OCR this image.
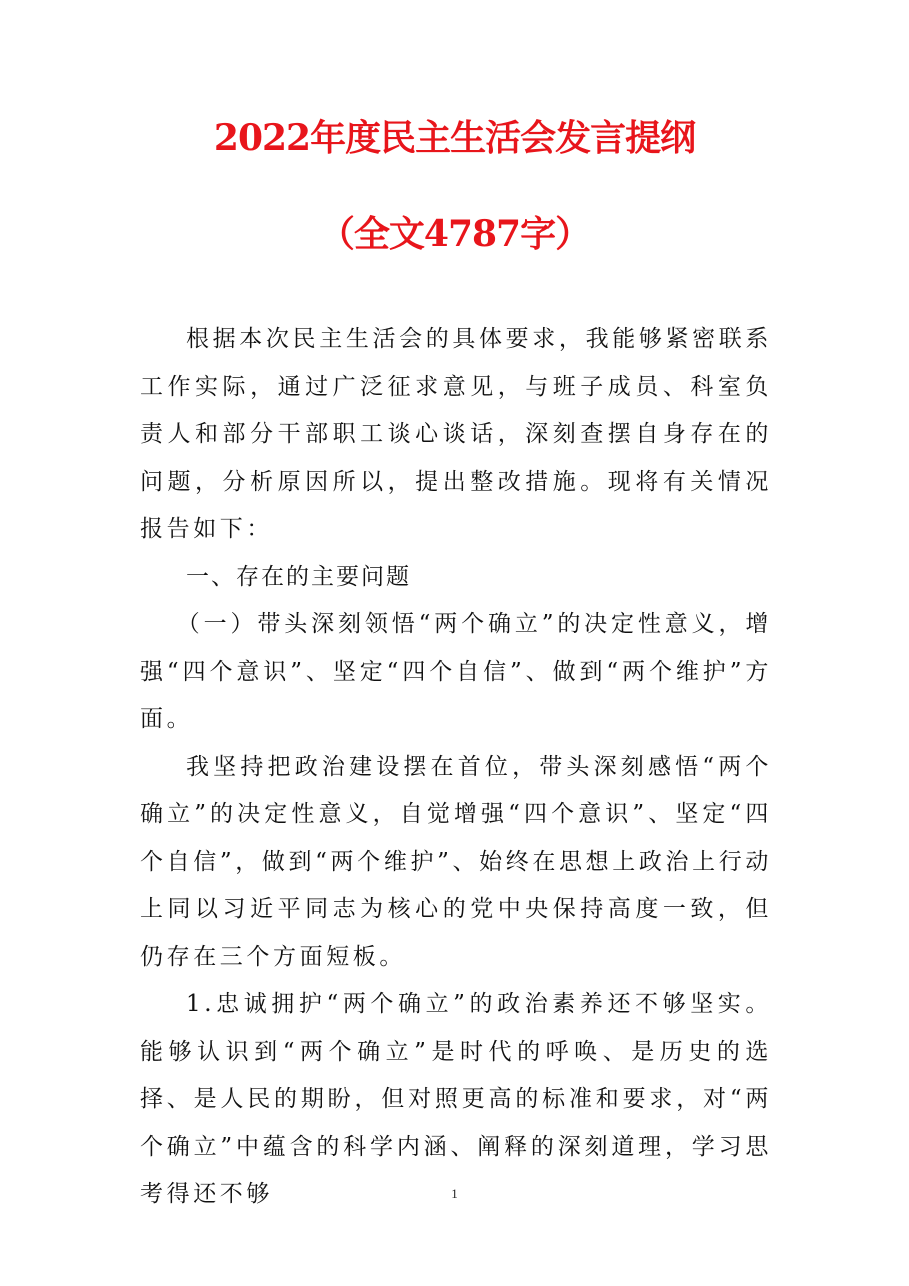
2022年度民主生活会发言提纲
（全文4787字）

根据本次民主生活会的具体要求，我能够紧密联系工作实际，通过广泛征求意见，与班子成员、科室负责人和部分干部职工谈心谈话，深刻查摆自身存在的问题，分析原因所以，提出整改措施。现将有关情况报告如下：

一、存在的主要问题

（一）带头深刻领悟“两个确立”的决定性意义，增强“四个意识”、坚定“四个自信”、做到“两个维护”方面。

我坚持把政治建设摆在首位，带头深刻感悟“两个确立”的决定性意义，自觉增强“四个意识”、坚定“四个自信”，做到“两个维护”、始终在思想上政治上行动上同以习近平同志为核心的党中央保持高度一致，但仍存在三个方面短板。

1.忠诚拥护“两个确立”的政治素养还不够坚实。能够认识到“两个确立”是时代的呼唤、是历史的选择、是人民的期盼，但对照更高的标准和要求，对“两个确立”中蕴含的科学内涵、阐释的深刻道理，学习思考得还不够	1
